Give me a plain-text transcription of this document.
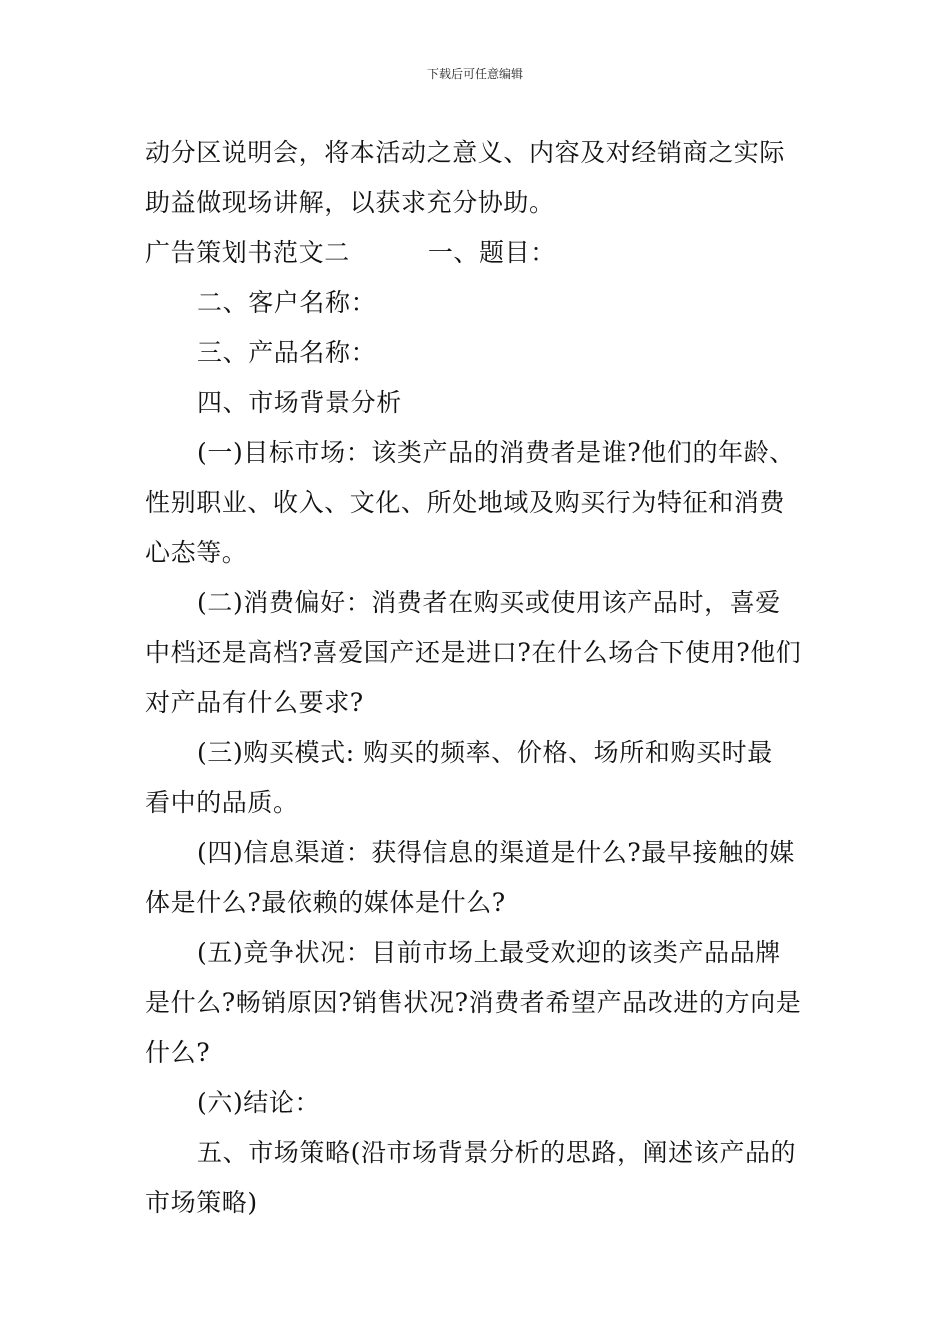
下载后可任意编辑
动分区说明会，将本活动之意义、内容及对经销商之实际
助益做现场讲解，以获求充分协助。
广告策划书范文二	一、题目：
二、客户名称：
三、产品名称：
四、市场背景分析
(一)目标市场：该类产品的消费者是谁?他们的年龄、
性别职业、收入、文化、所处地域及购买行为特征和消费
心态等。
(二)消费偏好：消费者在购买或使用该产品时，喜爱
中档还是高档?喜爱国产还是进口?在什么场合下使用?他们
对产品有什么要求?
(三)购买模式: 购买的频率、价格、场所和购买时最
看中的品质。
(四)信息渠道：获得信息的渠道是什么?最早接触的媒
体是什么?最依赖的媒体是什么?
(五)竞争状况：目前市场上最受欢迎的该类产品品牌
是什么?畅销原因?销售状况?消费者希望产品改进的方向是
什么?
(六)结论：
五、市场策略(沿市场背景分析的思路，阐述该产品的
市场策略)
